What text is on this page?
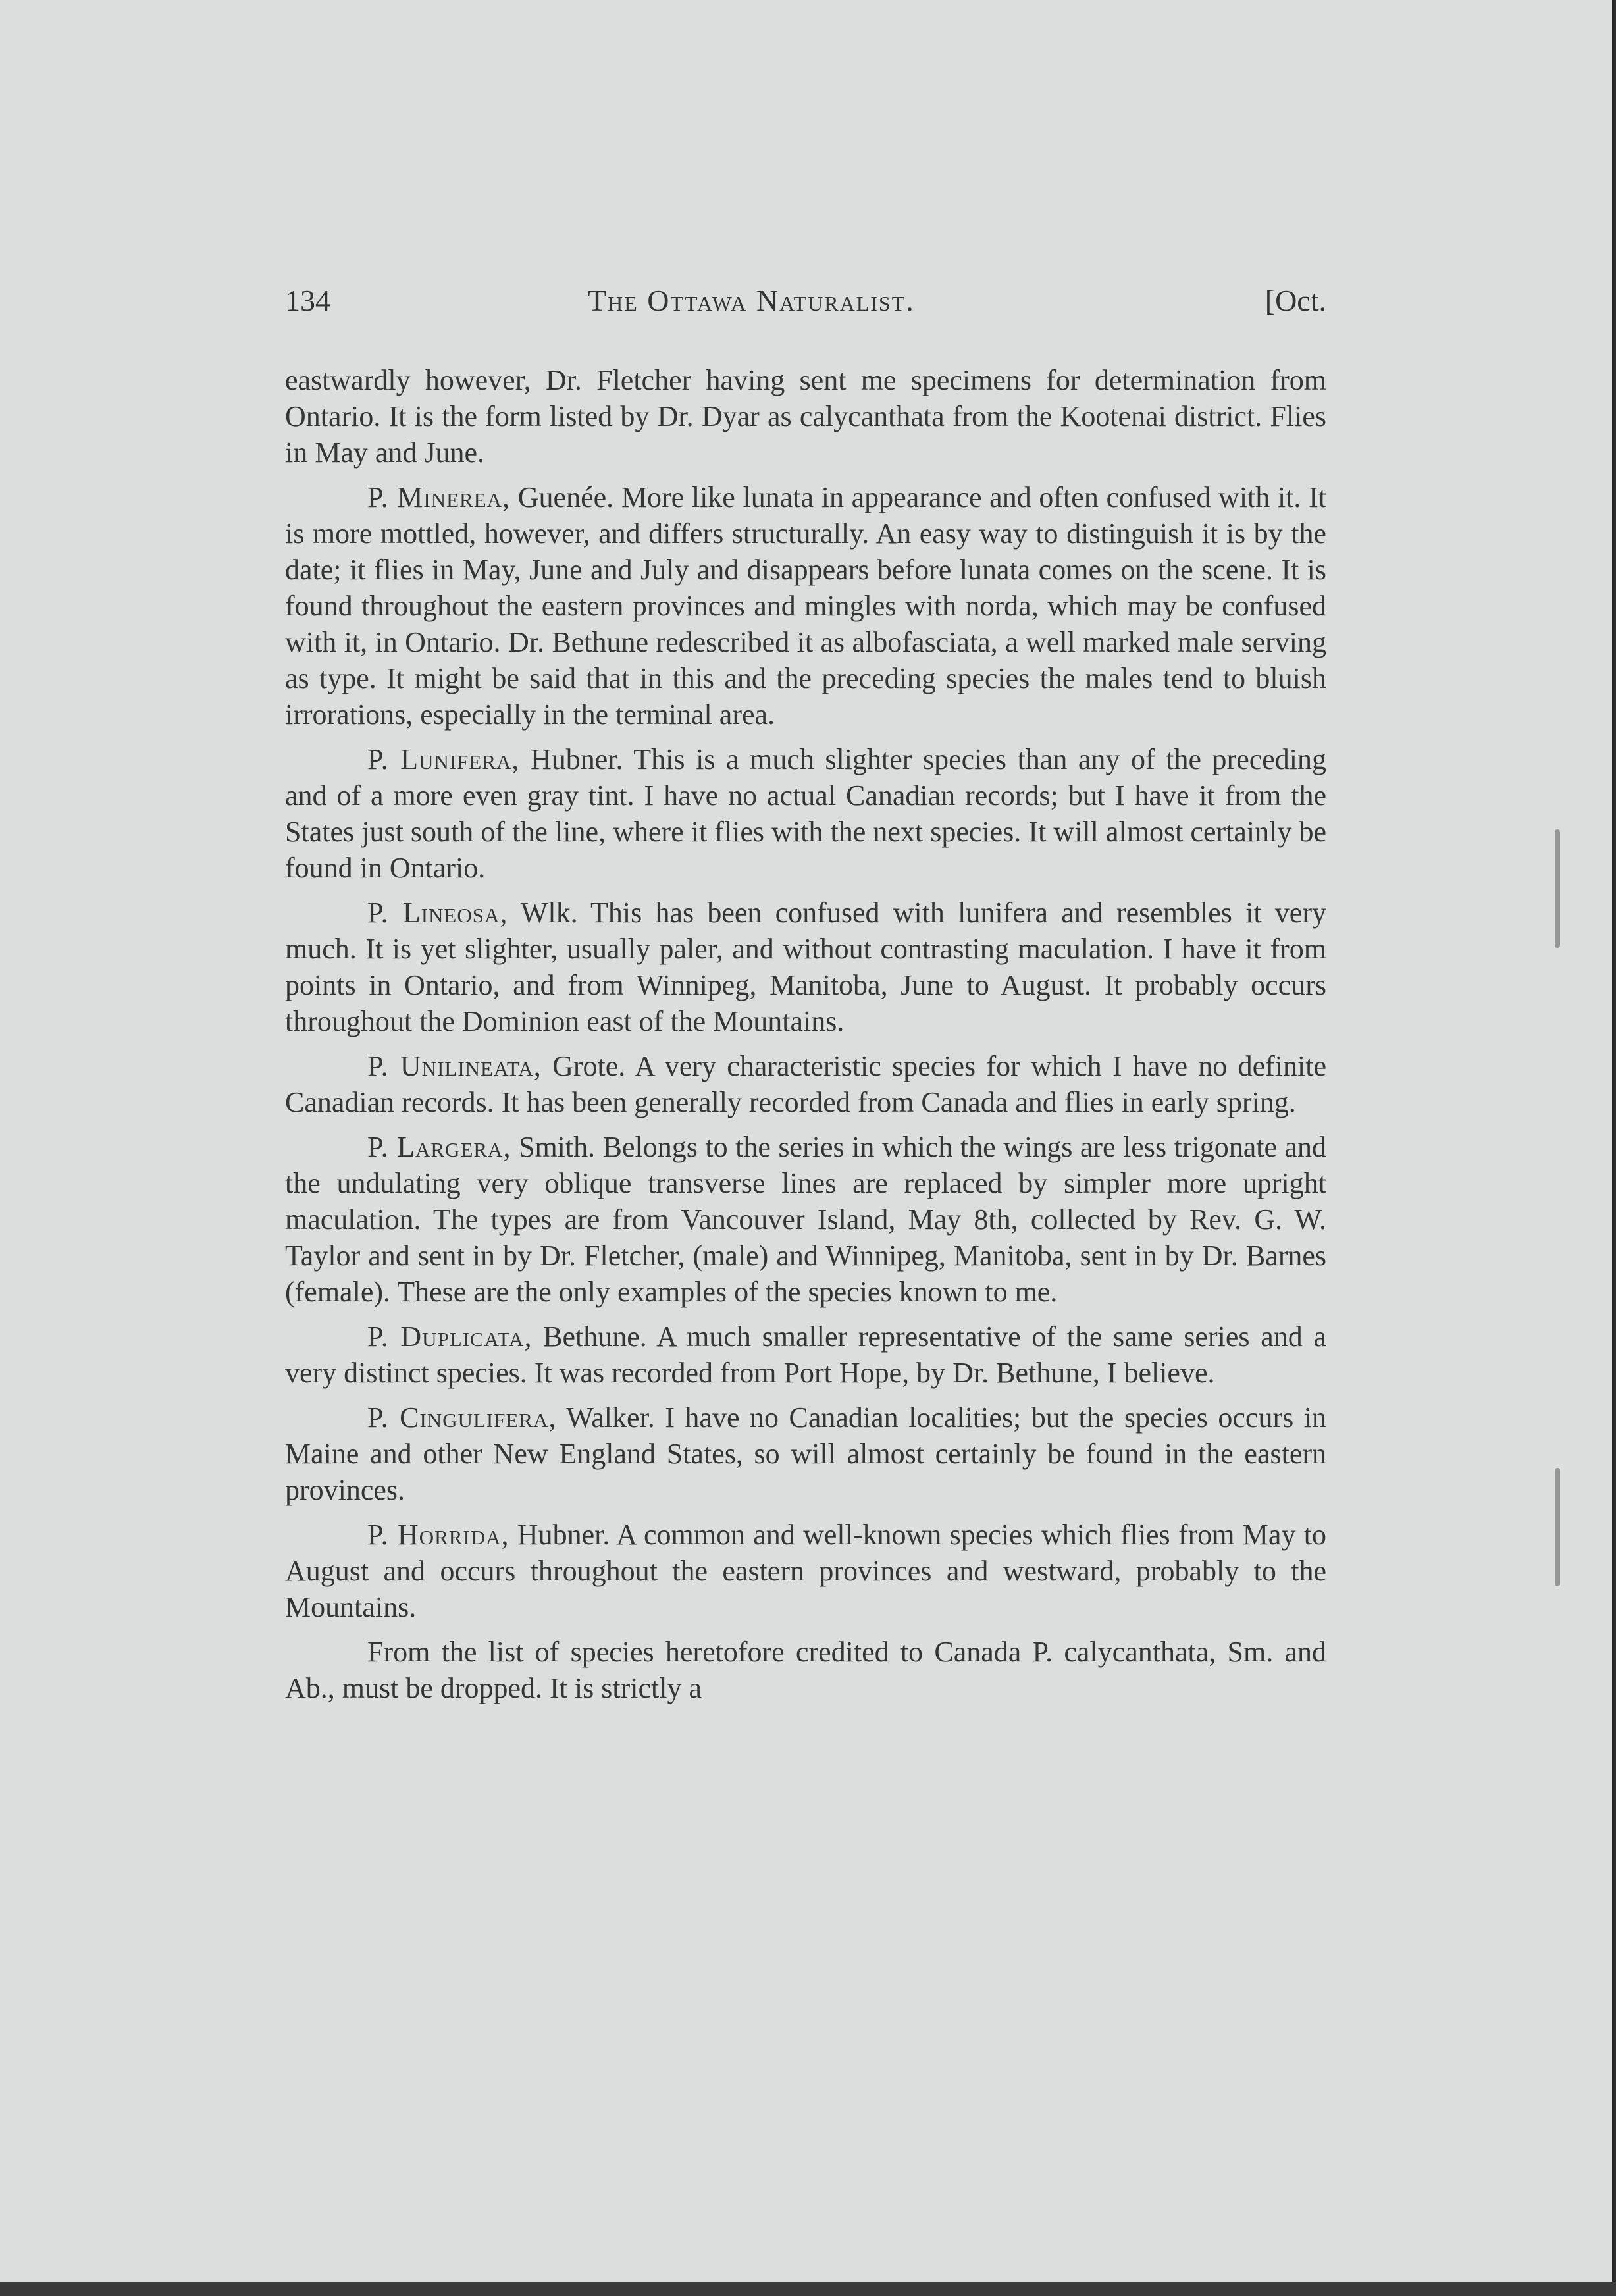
134	The Ottawa Naturalist.	[Oct.

eastwardly however, Dr. Fletcher having sent me specimens for determination from Ontario. It is the form listed by Dr. Dyar as calycanthata from the Kootenai district. Flies in May and June.

P. Minerea, Guenée. More like lunata in appearance and often confused with it. It is more mottled, however, and differs structurally. An easy way to distinguish it is by the date; it flies in May, June and July and disappears before lunata comes on the scene. It is found throughout the eastern provinces and mingles with norda, which may be confused with it, in Ontario. Dr. Bethune redescribed it as albofasciata, a well marked male serving as type. It might be said that in this and the preceding species the males tend to bluish irrorations, especially in the terminal area.

P. Lunifera, Hubner. This is a much slighter species than any of the preceding and of a more even gray tint. I have no actual Canadian records; but I have it from the States just south of the line, where it flies with the next species. It will almost certainly be found in Ontario.

P. Lineosa, Wlk. This has been confused with lunifera and resembles it very much. It is yet slighter, usually paler, and without contrasting maculation. I have it from points in Ontario, and from Winnipeg, Manitoba, June to August. It probably occurs throughout the Dominion east of the Mountains.

P. Unilineata, Grote. A very characteristic species for which I have no definite Canadian records. It has been generally recorded from Canada and flies in early spring.

P. Largera, Smith. Belongs to the series in which the wings are less trigonate and the undulating very oblique transverse lines are replaced by simpler more upright maculation. The types are from Vancouver Island, May 8th, collected by Rev. G. W. Taylor and sent in by Dr. Fletcher, (male) and Winnipeg, Manitoba, sent in by Dr. Barnes (female). These are the only examples of the species known to me.

P. Duplicata, Bethune. A much smaller representative of the same series and a very distinct species. It was recorded from Port Hope, by Dr. Bethune, I believe.

P. Cingulifera, Walker. I have no Canadian localities; but the species occurs in Maine and other New England States, so will almost certainly be found in the eastern provinces.

P. Horrida, Hubner. A common and well-known species which flies from May to August and occurs throughout the eastern provinces and westward, probably to the Mountains.

From the list of species heretofore credited to Canada P. calycanthata, Sm. and Ab., must be dropped. It is strictly a
